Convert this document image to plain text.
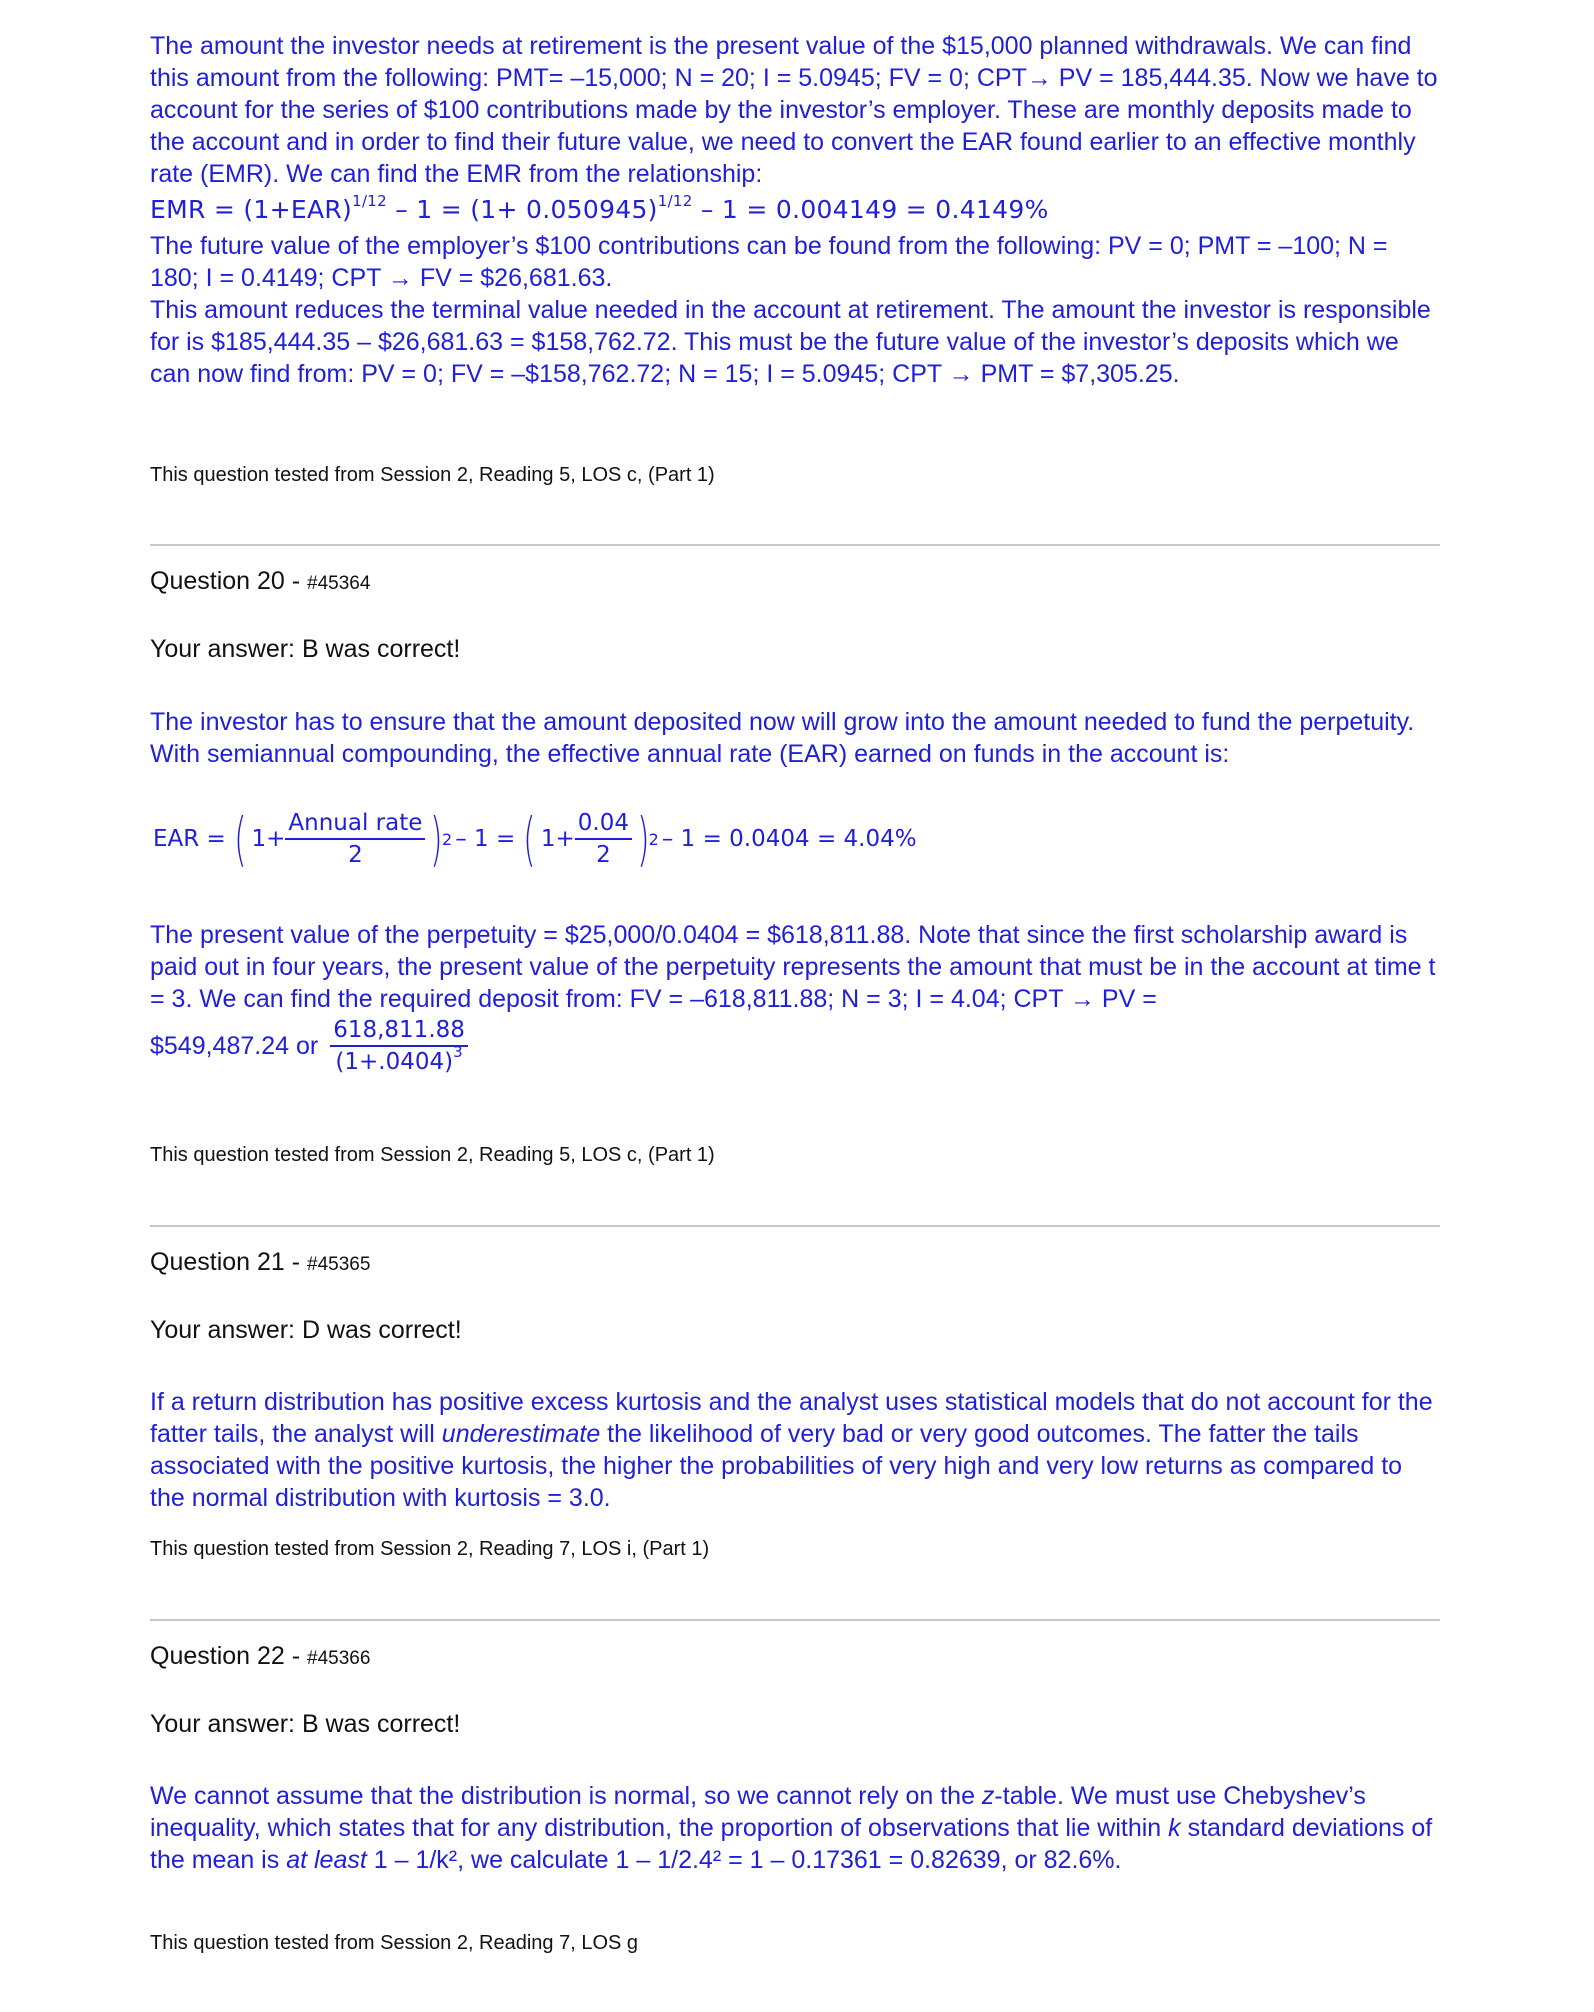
The amount the investor needs at retirement is the present value of the $15,000 planned withdrawals. We can find this amount from the following: PMT= –15,000; N = 20; I = 5.0945; FV = 0; CPT→ PV = 185,444.35. Now we have to account for the series of $100 contributions made by the investor’s employer. These are monthly deposits made to the account and in order to find their future value, we need to convert the EAR found earlier to an effective monthly rate (EMR). We can find the EMR from the relationship:

EMR = $(1+EAR)^{1/12} - 1 = (1+ 0.050945)^{1/12} - 1 = 0.004149 = 0.4149\%$

The future value of the employer’s $100 contributions can be found from the following: PV = 0; PMT = –100; N = 180; I = 0.4149; CPT → FV = $26,681.63.

This amount reduces the terminal value needed in the account at retirement. The amount the investor is responsible for is $185,444.35 – $26,681.63 = $158,762.72. This must be the future value of the investor’s deposits which we can now find from: PV = 0; FV = –$158,762.72; N = 15; I = 5.0945; CPT → PMT = $7,305.25.

This question tested from Session 2, Reading 5, LOS c, (Part 1)

Question 20 - #45364

Your answer: B was correct!

The investor has to ensure that the amount deposited now will grow into the amount needed to fund the perpetuity. With semiannual compounding, the effective annual rate (EAR) earned on funds in the account is:

EAR = ( $1+ \frac{\text{Annual rate}}{2}$ ) 2 – 1 = ( $1+ \frac{0.04}{2}$ ) 2 – 1 = 0.0404 = 4.04%

The present value of the perpetuity = $25,000/0.0404 = $618,811.88. Note that since the first scholarship award is paid out in four years, the present value of the perpetuity represents the amount that must be in the account at time t = 3. We can find the required deposit from: FV = –618,811.88; N = 3; I = 4.04; CPT → PV =

$549,487.24 or $\frac{618,811.88}{(1+.0404)^3}$

This question tested from Session 2, Reading 5, LOS c, (Part 1)

Question 21 - #45365

Your answer: D was correct!

If a return distribution has positive excess kurtosis and the analyst uses statistical models that do not account for the fatter tails, the analyst will underestimate the likelihood of very bad or very good outcomes. The fatter the tails associated with the positive kurtosis, the higher the probabilities of very high and very low returns as compared to the normal distribution with kurtosis = 3.0.

This question tested from Session 2, Reading 7, LOS i, (Part 1)

Question 22 - #45366

Your answer: B was correct!

We cannot assume that the distribution is normal, so we cannot rely on the z-table. We must use Chebyshev’s inequality, which states that for any distribution, the proportion of observations that lie within k standard deviations of the mean is at least 1 – 1/k², we calculate 1 – 1/2.4² = 1 – 0.17361 = 0.82639, or 82.6%.

This question tested from Session 2, Reading 7, LOS g
